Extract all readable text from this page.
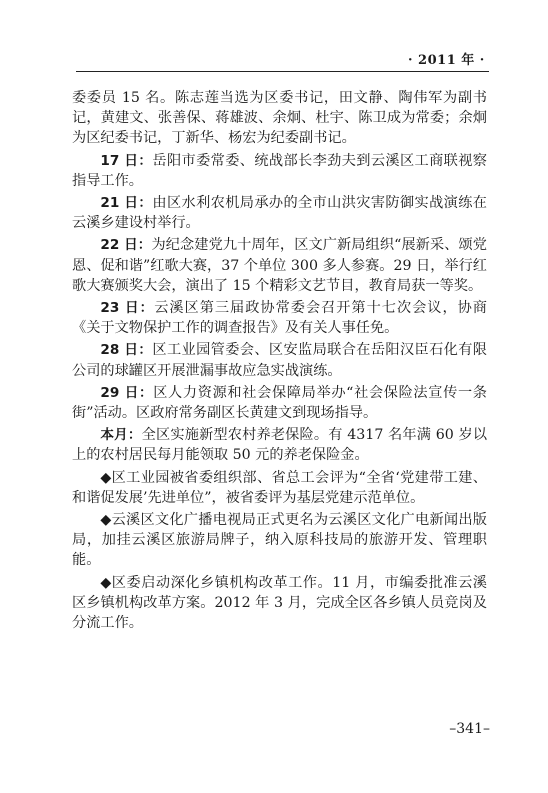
· 2011 年 ·

委委员 15 名。陈志莲当选为区委书记，田文静、陶伟军为副书记，黄建文、张善保、蒋雄波、余炯、杜宇、陈卫成为常委；余炯为区纪委书记，丁新华、杨宏为纪委副书记。

17 日：岳阳市委常委、统战部长李劲夫到云溪区工商联视察指导工作。

21 日：由区水利农机局承办的全市山洪灾害防御实战演练在云溪乡建设村举行。

22 日：为纪念建党九十周年，区文广新局组织“展新采、颂党恩、促和谐”红歌大赛，37 个单位 300 多人参赛。29 日，举行红歌大赛颁奖大会，演出了 15 个精彩文艺节目，教育局获一等奖。

23 日：云溪区第三届政协常委会召开第十七次会议，协商《关于文物保护工作的调查报告》及有关人事任免。

28 日：区工业园管委会、区安监局联合在岳阳汉臣石化有限公司的球罐区开展泄漏事故应急实战演练。

29 日：区人力资源和社会保障局举办“社会保险法宣传一条街”活动。区政府常务副区长黄建文到现场指导。

本月：全区实施新型农村养老保险。有 4317 名年满 60 岁以上的农村居民每月能领取 50 元的养老保险金。

◆区工业园被省委组织部、省总工会评为“全省‘党建带工建、和谐促发展’先进单位”，被省委评为基层党建示范单位。

◆云溪区文化广播电视局正式更名为云溪区文化广电新闻出版局，加挂云溪区旅游局牌子，纳入原科技局的旅游开发、管理职能。

◆区委启动深化乡镇机构改革工作。11 月，市编委批准云溪区乡镇机构改革方案。2012 年 3 月，完成全区各乡镇人员竞岗及分流工作。

–341–
